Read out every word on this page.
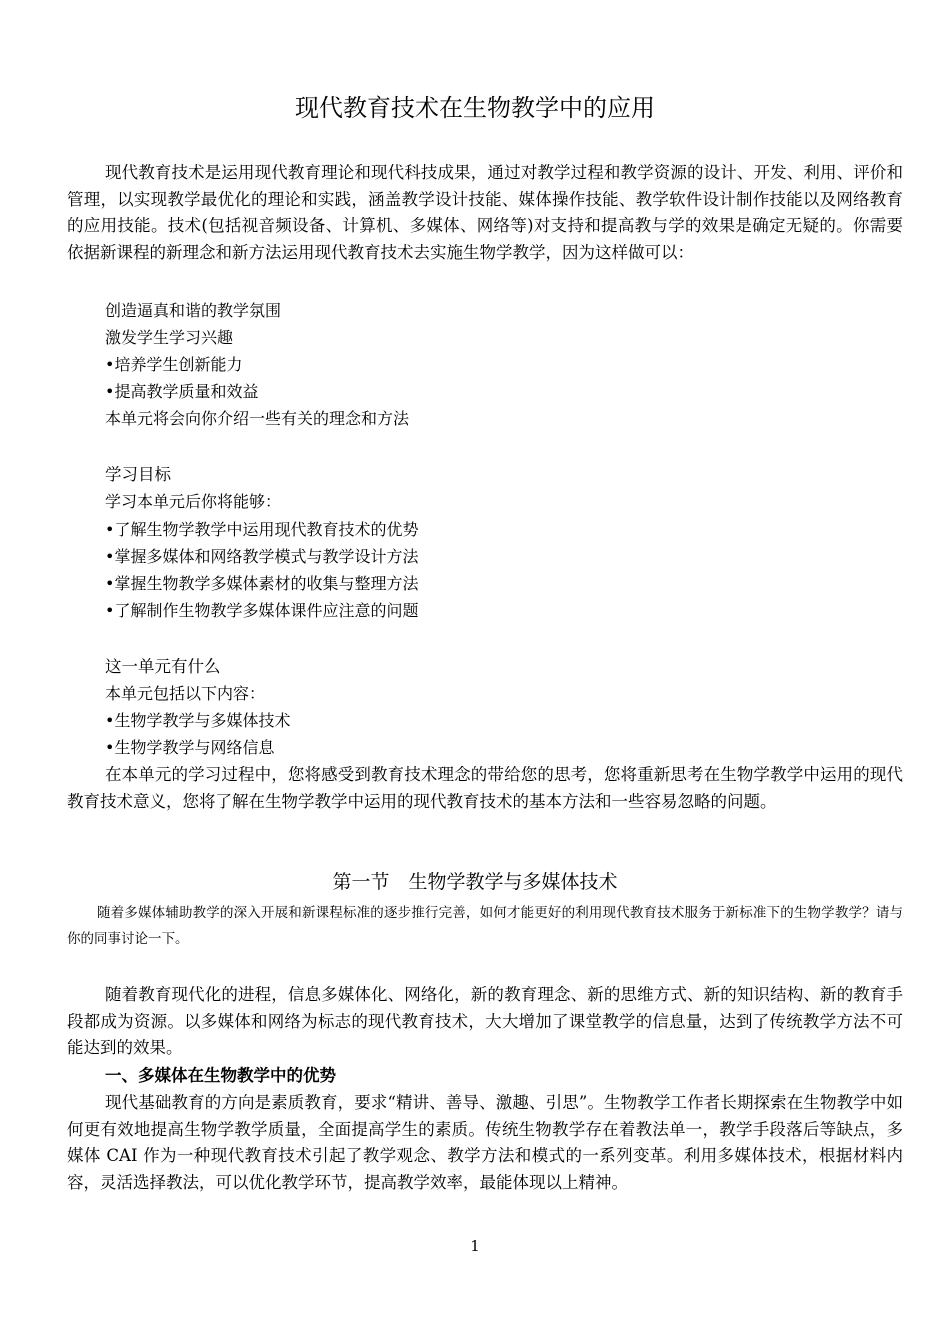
现代教育技术在生物教学中的应用

现代教育技术是运用现代教育理论和现代科技成果，通过对教学过程和教学资源的设计、开发、利用、评价和管理，以实现教学最优化的理论和实践，涵盖教学设计技能、媒体操作技能、教学软件设计制作技能以及网络教育的应用技能。技术(包括视音频设备、计算机、多媒体、网络等)对支持和提高教与学的效果是确定无疑的。你需要依据新课程的新理念和新方法运用现代教育技术去实施生物学教学，因为这样做可以：

创造逼真和谐的教学氛围
激发学生学习兴趣
•培养学生创新能力
•提高教学质量和效益
本单元将会向你介绍一些有关的理念和方法
学习目标

学习本单元后你将能够：

•了解生物学教学中运用现代教育技术的优势
•掌握多媒体和网络教学模式与教学设计方法
•掌握生物教学多媒体素材的收集与整理方法
•了解制作生物教学多媒体课件应注意的问题
这一单元有什么

本单元包括以下内容：

•生物学教学与多媒体技术
•生物学教学与网络信息

在本单元的学习过程中，您将感受到教育技术理念的带给您的思考，您将重新思考在生物学教学中运用的现代教育技术意义，您将了解在生物学教学中运用的现代教育技术的基本方法和一些容易忽略的问题。

第一节　生物学教学与多媒体技术

随着多媒体辅助教学的深入开展和新课程标准的逐步推行完善，如何才能更好的利用现代教育技术服务于新标准下的生物学教学？请与你的同事讨论一下。

随着教育现代化的进程，信息多媒体化、网络化，新的教育理念、新的思维方式、新的知识结构、新的教育手段都成为资源。以多媒体和网络为标志的现代教育技术，大大增加了课堂教学的信息量，达到了传统教学方法不可能达到的效果。

一、多媒体在生物教学中的优势

现代基础教育的方向是素质教育，要求“精讲、善导、激趣、引思”。生物教学工作者长期探索在生物教学中如何更有效地提高生物学教学质量，全面提高学生的素质。传统生物教学存在着教法单一，教学手段落后等缺点，多媒体 CAI 作为一种现代教育技术引起了教学观念、教学方法和模式的一系列变革。利用多媒体技术，根据材料内容，灵活选择教法，可以优化教学环节，提高教学效率，最能体现以上精神。

1
